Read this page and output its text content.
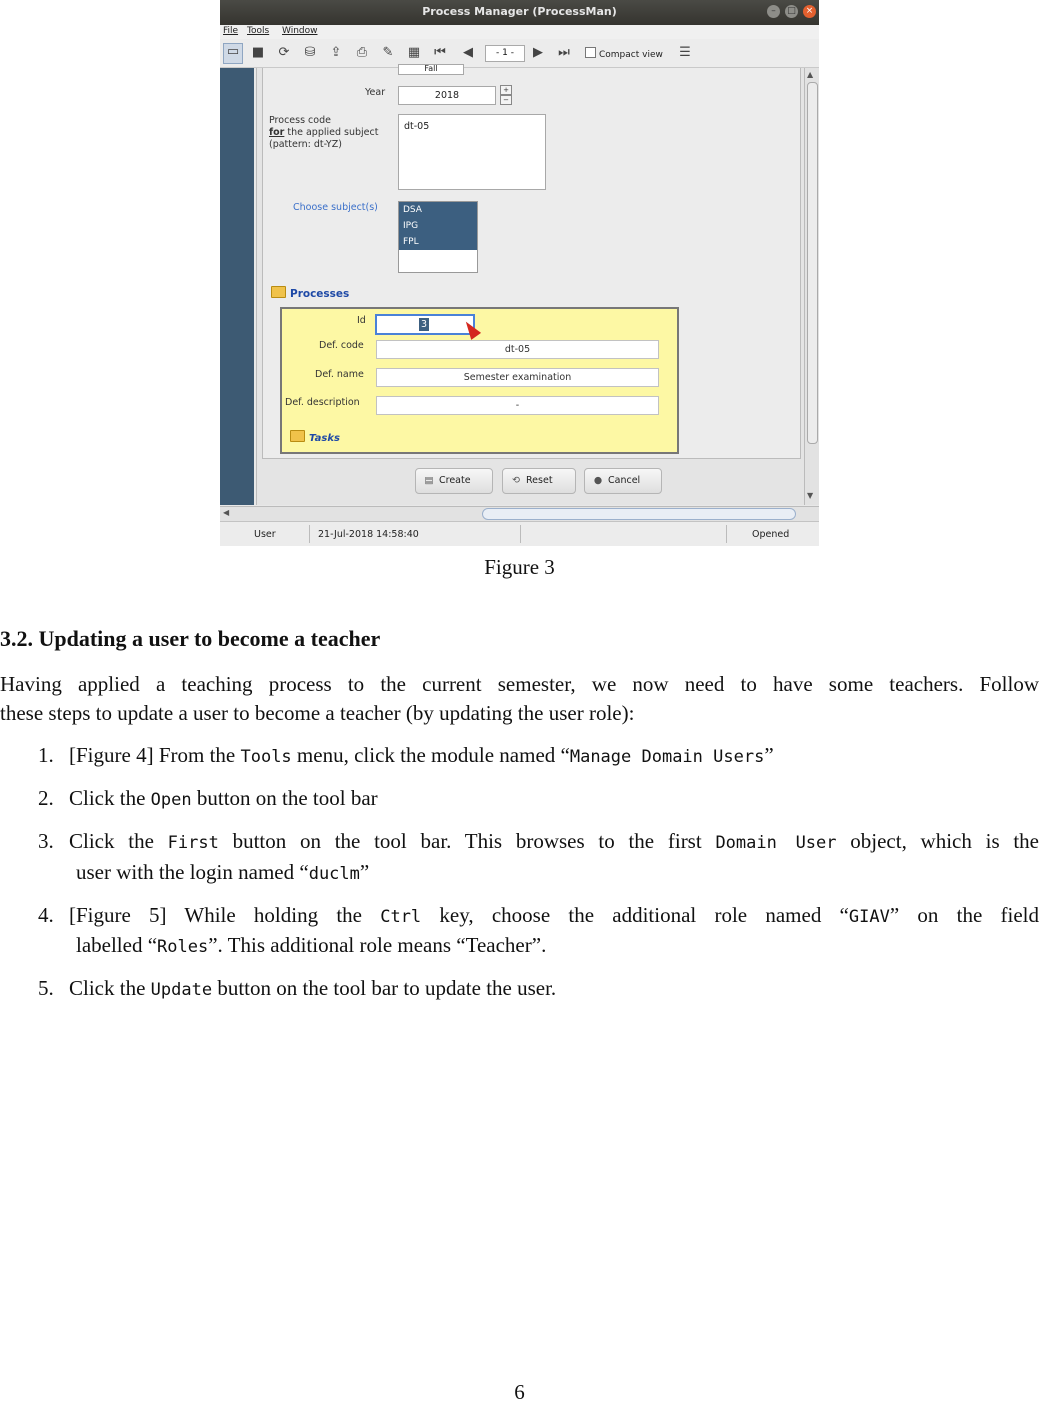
Process Manager (ProcessMan)	–	□	×
File Tools Window
▭ ■ ⟳ ⛁ ⇪ ⎙ ✎ ▦ ⏮	◀	- 1 -	▶	⏭	Compact view ☰
Fall
Year	2018	+
−
Process code
for the applied subject
(pattern: dt-YZ)
dt-05
Choose subject(s)	DSA
IPG
FPL
Processes
Id	3
Def. code	dt-05
Def. name	Semester examination
Def. description	-
Tasks
▤ Create	⟲ Reset	● Cancel
▲
▼
◀
User	21-Jul-2018 14:58:40	Opened
Figure 3
3.2. Updating a user to become a teacher
Having applied a teaching process to the current semester, we now need to have some teachers. Follow
these steps to update a user to become a teacher (by updating the user role):
1. [Figure 4] From the Tools menu, click the module named “Manage Domain Users”
2. Click the Open button on the tool bar
3. Click the First button on the tool bar. This browses to the first Domain User object, which is the
user with the login named “duclm”
4. [Figure 5] While holding the Ctrl key, choose the additional role named “GIAV” on the field
labelled “Roles”. This additional role means “Teacher”.
5. Click the Update button on the tool bar to update the user.
6
